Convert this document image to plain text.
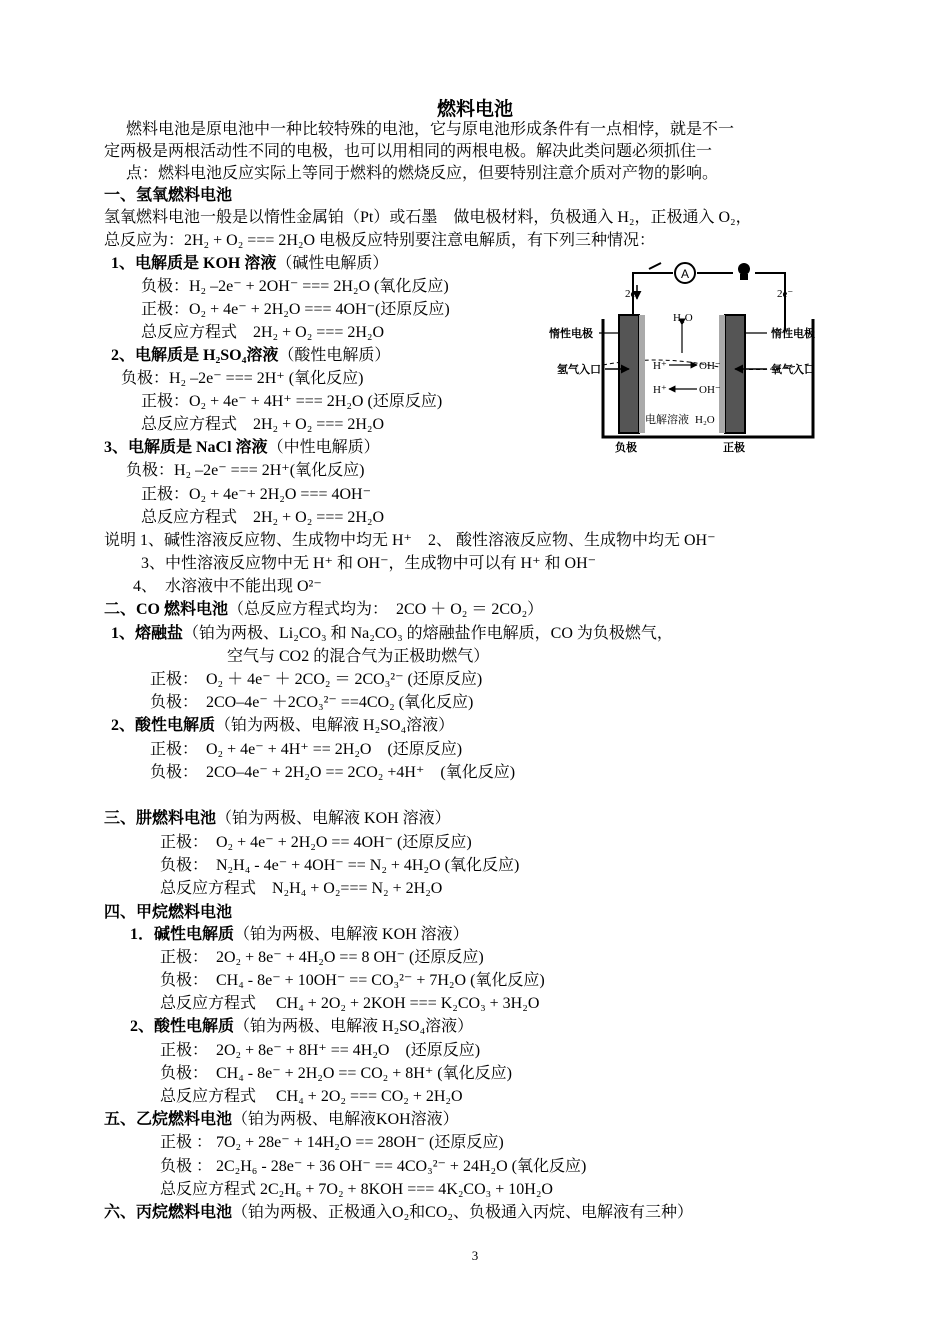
燃料电池
燃料电池是原电池中一种比较特殊的电池，它与原电池形成条件有一点相悖，就是不一
定两极是两根活动性不同的电极，也可以用相同的两根电极。解决此类问题必须抓住一
点：燃料电池反应实际上等同于燃料的燃烧反应，但要特别注意介质对产物的影响。
一、氢氧燃料电池
氢氧燃料电池一般是以惰性金属铂（Pt）或石墨　做电极材料，负极通入 H₂，正极通入 O₂，
总反应为：2H₂ + O₂ === 2H₂O 电极反应特别要注意电解质，有下列三种情况：
1、电解质是 KOH 溶液（碱性电解质）
负极：H₂ –2e⁻ + 2OH⁻ === 2H₂O (氧化反应)
正极：O₂ + 4e⁻ + 2H₂O === 4OH⁻(还原反应)
总反应方程式　2H₂ + O₂ === 2H₂O
2、电解质是 H₂SO₄溶液（酸性电解质）
负极：H₂ –2e⁻ === 2H⁺ (氧化反应)
正极：O₂ + 4e⁻ + 4H⁺ === 2H₂O (还原反应)
总反应方程式　2H₂ + O₂ === 2H₂O
3、电解质是 NaCl 溶液（中性电解质）
负极：H₂ –2e⁻ === 2H⁺(氧化反应)
正极：O₂ + 4e⁻+ 2H₂O === 4OH⁻
总反应方程式　2H₂ + O₂ === 2H₂O
说明 1、碱性溶液反应物、生成物中均无 H⁺　2、 酸性溶液反应物、生成物中均无 OH⁻
3、中性溶液反应物中无 H⁺ 和 OH⁻，生成物中可以有 H⁺ 和 OH⁻
4、　水溶液中不能出现 O²⁻
A
2e⁻	2e⁻
H₂O
H⁺	OH⁻
H⁺	OH⁻
电解溶液 H₂O
惰性电极
氢气入口
惰性电极
氧气入口
负极	正极
二、CO 燃料电池（总反应方程式均为：　2CO ＋ O₂ ＝ 2CO₂）
1、熔融盐（铂为两极、Li₂CO₃ 和 Na₂CO₃ 的熔融盐作电解质，CO 为负极燃气，
空气与 CO2 的混合气为正极助燃气）
正极：　O₂ ＋ 4e⁻ ＋ 2CO₂ ＝ 2CO₃²⁻ (还原反应)
负极：　2CO–4e⁻ ＋2CO₃²⁻ ==4CO₂ (氧化反应)
2、酸性电解质（铂为两极、电解液 H₂SO₄溶液）
正极：　O₂ + 4e⁻ + 4H⁺ == 2H₂O　(还原反应)
负极：　2CO–4e⁻ + 2H₂O == 2CO₂ +4H⁺　(氧化反应)
三、肼燃料电池（铂为两极、电解液 KOH 溶液）
正极：　O₂ + 4e⁻ + 2H₂O == 4OH⁻ (还原反应)
负极：　N₂H₄ - 4e⁻ + 4OH⁻ == N₂ + 4H₂O (氧化反应)
总反应方程式　N₂H₄ + O₂=== N₂ + 2H₂O
四、甲烷燃料电池
1．碱性电解质（铂为两极、电解液 KOH 溶液）
正极：　2O₂ + 8e⁻ + 4H₂O == 8 OH⁻ (还原反应)
负极：　CH₄ - 8e⁻ + 10OH⁻ == CO₃²⁻ + 7H₂O (氧化反应)
总反应方程式　 CH₄ + 2O₂ + 2KOH === K₂CO₃ + 3H₂O
2、酸性电解质（铂为两极、电解液 H₂SO₄溶液）
正极：　2O₂ + 8e⁻ + 8H⁺ == 4H₂O　(还原反应)
负极：　CH₄ - 8e⁻ + 2H₂O == CO₂ + 8H⁺ (氧化反应)
总反应方程式　 CH₄ + 2O₂ === CO₂ + 2H₂O
五、乙烷燃料电池（铂为两极、电解液KOH溶液）
正极 ： 7O₂ + 28e⁻ + 14H₂O == 28OH⁻ (还原反应)
负极 ： 2C₂H₆ - 28e⁻ + 36 OH⁻ == 4CO₃²⁻ + 24H₂O (氧化反应)
总反应方程式 2C₂H₆ + 7O₂ + 8KOH === 4K₂CO₃ + 10H₂O
六、丙烷燃料电池（铂为两极、正极通入O₂和CO₂、负极通入丙烷、电解液有三种）
3
